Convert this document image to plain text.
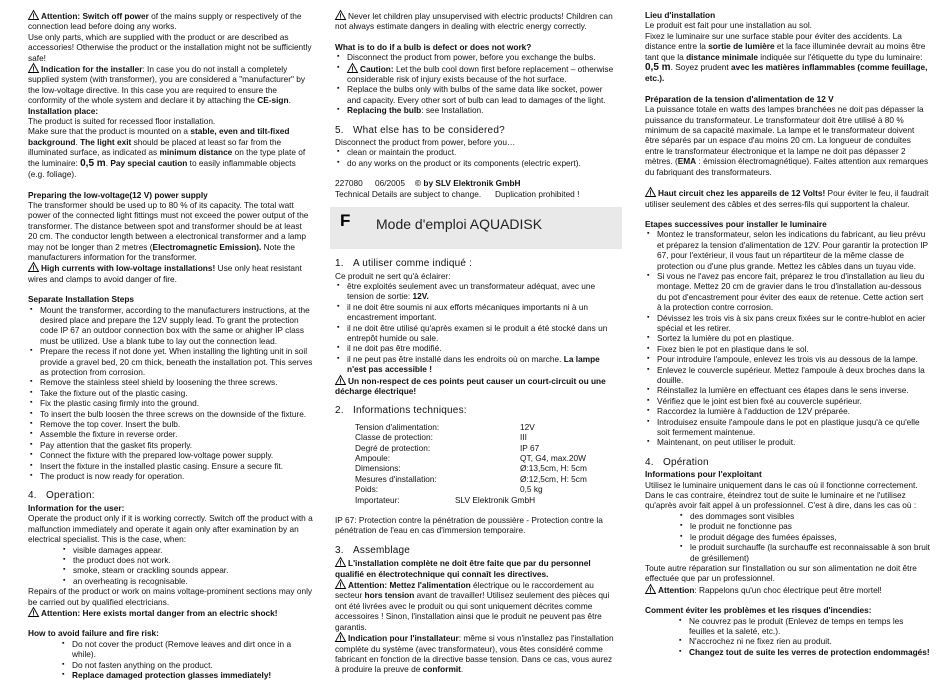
! Attention: Switch off power of the mains supply or respectively of the connection lead before doing any works.

Use only parts, which are supplied with the product or are described as accessories! Otherwise the product or the installation might not be sufficiently safe!

! Indication for the installer: In case you do not install a completely supplied system (with transformer), you are considered a "manufacturer" by the low-voltage directive. In this case you are required to ensure the conformity of the whole system and declare it by attaching the CE-sign.

Installation place:

The product is suited for recessed floor installation.

Make sure that the product is mounted on a stable, even and tilt-fixed background. The light exit should be placed at least so far from the illuminated surface, as indicated as minimum distance on the type plate of the luminaire: 0,5 m. Pay special caution to easily inflammable objects (e.g. foliage).

Preparing the low-voltage(12 V) power supply

The transformer should be used up to 80 % of its capacity. The total watt power of the connected light fittings must not exceed the power output of the transformer. The distance between spot and transformer should be at least 20 cm. The conductor length between a electronical transformer and a lamp may not be longer than 2 metres (Electromagnetic Emission). Note the manufacturers information for the transformer.

! High currents with low-voltage installations! Use only heat resistant wires and clamps to avoid danger of fire.

Separate Installation Steps
▪ Mount the transformer, according to the manufacturers instructions, at the desired place and prepare the 12V supply lead. To grant the protection code IP 67 an outdoor connection box with the same or ahigher IP class must be utilized. Use a blank tube to lay out the connection lead.
▪ Prepare the recess if not done yet. When installing the lighting unit in soil provide a gravel bed, 20 cm thick, beneath the installation pot. This serves as protection from corrosion.
▪ Remove the stainless steel shield by loosening the three screws.
▪ Take the fixture out of the plastic casing.
▪ Fix the plastic casing firmly into the ground.
▪ To insert the bulb loosen the three screws on the downside of the fixture.
▪ Remove the top cover. Insert the bulb.
▪ Assemble the fixture in reverse order.
▪ Pay attention that the gasket fits properly.
▪ Connect the fixture with the prepared low-voltage power supply.
▪ Insert the fixture in the installed plastic casing. Ensure a secure fit.
▪ The product is now ready for operation.
4. Operation:
Information for the user:

Operate the product only if it is working correctly. Switch off the product with a malfunction immediately and operate it again only after examination by an electrical specialist. This is the case, when:

▪ visible damages appear.
▪ the product does not work.
▪ smoke, steam or crackling sounds appear.
▪ an overheating is recognisable.

Repairs of the product or work on mains voltage-prominent sections may only be carried out by qualified electricians.

! Attention: Here exists mortal danger from an electric shock!

How to avoid failure and fire risk:
▪ Do not cover the product (Remove leaves and dirt once in a while).
▪ Do not fasten anything on the product.
▪ Replace damaged protection glasses immediately!

! Never let children play unsupervised with electric products! Children can not always estimate dangers in dealing with electric energy correctly.

What is to do if a bulb is defect or does not work?
▪ Disconnect the product from power, before you exchange the bulbs.
▪ ! Caution: Let the bulb cool down first before replacement – otherwise considerable risk of injury exists because of the hot surface.
▪ Replace the bulbs only with bulbs of the same data like socket, power and capacity. Every other sort of bulb can lead to damages of the light.
▪ Replacing the bulb: see Installation.
5. What else has to be considered?

Disconnect the product from power, before you…

▪ clean or maintain the product.
▪ do any works on the product or its components (electric expert).
227080	06/2005	© by SLV Elektronik GmbH
Technical Details are subject to change.	Duplication prohibited !
F Mode d'emploi AQUADISK
1. A utiliser comme indiqué :

Ce produit ne sert qu'à éclairer:

▪ être exploités seulement avec un transformateur adéquat, avec une tension de sortie: 12V.
▪ il ne doit être soumis ni aux efforts mécaniques importants ni à un encastrement important.
▪ il ne doit être utilisé qu'après examen si le produit a été stocké dans un entrepôt humide ou sale.
▪ il ne doit pas être modifié.
▪ il ne peut pas être installé dans les endroits où on marche. La lampe n'est pas accessible !

! Un non-respect de ces points peut causer un court-circuit ou une décharge électrique!

2. Informations techniques:
Tension d'alimentation:	12V
Classe de protection:	III
Degré de protection:	IP 67
Ampoule:	QT, G4, max.20W
Dimensions:	Ø:13,5cm, H: 5cm
Mesures d'installation:	Ø:12,5cm, H: 5cm
Poids:	0,5 kg
Importateur:	SLV Elektronik GmbH

IP 67: Protection contre la pénétration de poussière - Protection contre la pénétration de l'eau en cas d'immersion temporaire.

3. Assemblage

! L'installation complète ne doit être faite que par du personnel qualifié en électrotechnique qui connaît les directives.

! Attention: Mettez l'alimentation électrique ou le raccordement au secteur hors tension avant de travailler! Utilisez seulement des pièces qui ont été livrées avec le produit ou qui sont uniquement décrites comme accessoires ! Sinon, l'installation ainsi que le produit ne peuvent pas être garantis.

! Indication pour l'installateur: même si vous n'installez pas l'installation complète du système (avec transformateur), vous êtes considéré comme fabricant en fonction de la directive basse tension. Dans ce cas, vous aurez à produire la preuve de conformit.

Lieu d'installation

Le produit est fait pour une installation au sol.

Fixez le luminaire sur une surface stable pour éviter des accidents. La distance entre la sortie de lumière et la face illuminée devrait au moins être tant que la distance minimale indiquée sur l'étiquette du type du luminaire: 0,5 m. Soyez prudent avec les matières inflammables (comme feuillage, etc.).

Préparation de la tension d'alimentation de 12 V

La puissance totale en watts des lampes branchées ne doit pas dépasser la puissance du transformateur. Le transformateur doit être utilisé à 80 % minimum de sa capacité maximale. La lampe et le transformateur doivent être séparés par un espace d'au moins 20 cm. La longueur de conduites entre le transformateur électronique et la lampe ne doit pas dépasser 2 mètres. (EMA : émission électromagnétique). Faites attention aux remarques du fabriquant des transformateurs.

! Haut circuit chez les appareils de 12 Volts! Pour éviter le feu, il faudrait utiliser seulement des câbles et des serres-fils qui supportent la chaleur.

Etapes successives pour installer le luminaire
▪ Montez le transformateur, selon les indications du fabricant, au lieu prévu et préparez la tension d'alimentation de 12V. Pour garantir la protection IP 67, pour l'extérieur, il vous faut un répartiteur de la même classe de protection ou d'une plus grande. Mettez les câbles dans un tuyau vide.
▪ Si vous ne l'avez pas encore fait, préparez le trou d'installation au lieu du montage. Mettez 20 cm de gravier dans le trou d'installation au-dessous du pot d'encastrement pour éviter des eaux de retenue. Cette action sert à la protection contre corrosion.
▪ Dévissez les trois vis à six pans creux fixées sur le contre-hublot en acier spécial et les retirer.
▪ Sortez la lumière du pot en plastique.
▪ Fixez bien le pot en plastique dans le sol.
▪ Pour introduire l'ampoule, enlevez les trois vis au dessous de la lampe.
▪ Enlevez le couvercle supérieur. Mettez l'ampoule à deux broches dans la douille.
▪ Réinstallez la lumière en effectuant ces étapes dans le sens inverse.
▪ Vérifiez que le joint est bien fixé au couvercle supérieur.
▪ Raccordez la lumière à l'adduction de 12V préparée.
▪ Introduisez ensuite l'ampoule dans le pot en plastique jusqu'à ce qu'elle soit fermement maintenue.
▪ Maintenant, on peut utiliser le produit.
4. Opération
Informations pour l'exploitant

Utilisez le luminaire uniquement dans le cas où il fonctionne correctement. Dans le cas contraire, éteindrez tout de suite le luminaire et ne l'utilisez qu'après avoir fait appel à un professionnel. C'est à dire, dans les cas où :

▪ des dommages sont visibles
▪ le produit ne fonctionne pas
▪ le produit dégage des fumées épaisses,
▪ le produit surchauffe (la surchauffe est reconnaissable à son bruit de grésillement)

Toute autre réparation sur l'installation ou sur son alimentation ne doit être effectuée que par un professionnel.

! Attention: Rappelons qu'un choc électrique peut être mortel!

Comment éviter les problèmes et les risques d'incendies:
▪ Ne couvrez pas le produit (Enlevez de temps en temps les feuilles et la saleté, etc.).
▪ N'accrochez ni ne fixez rien au produit.
▪ Changez tout de suite les verres de protection endommagés!
